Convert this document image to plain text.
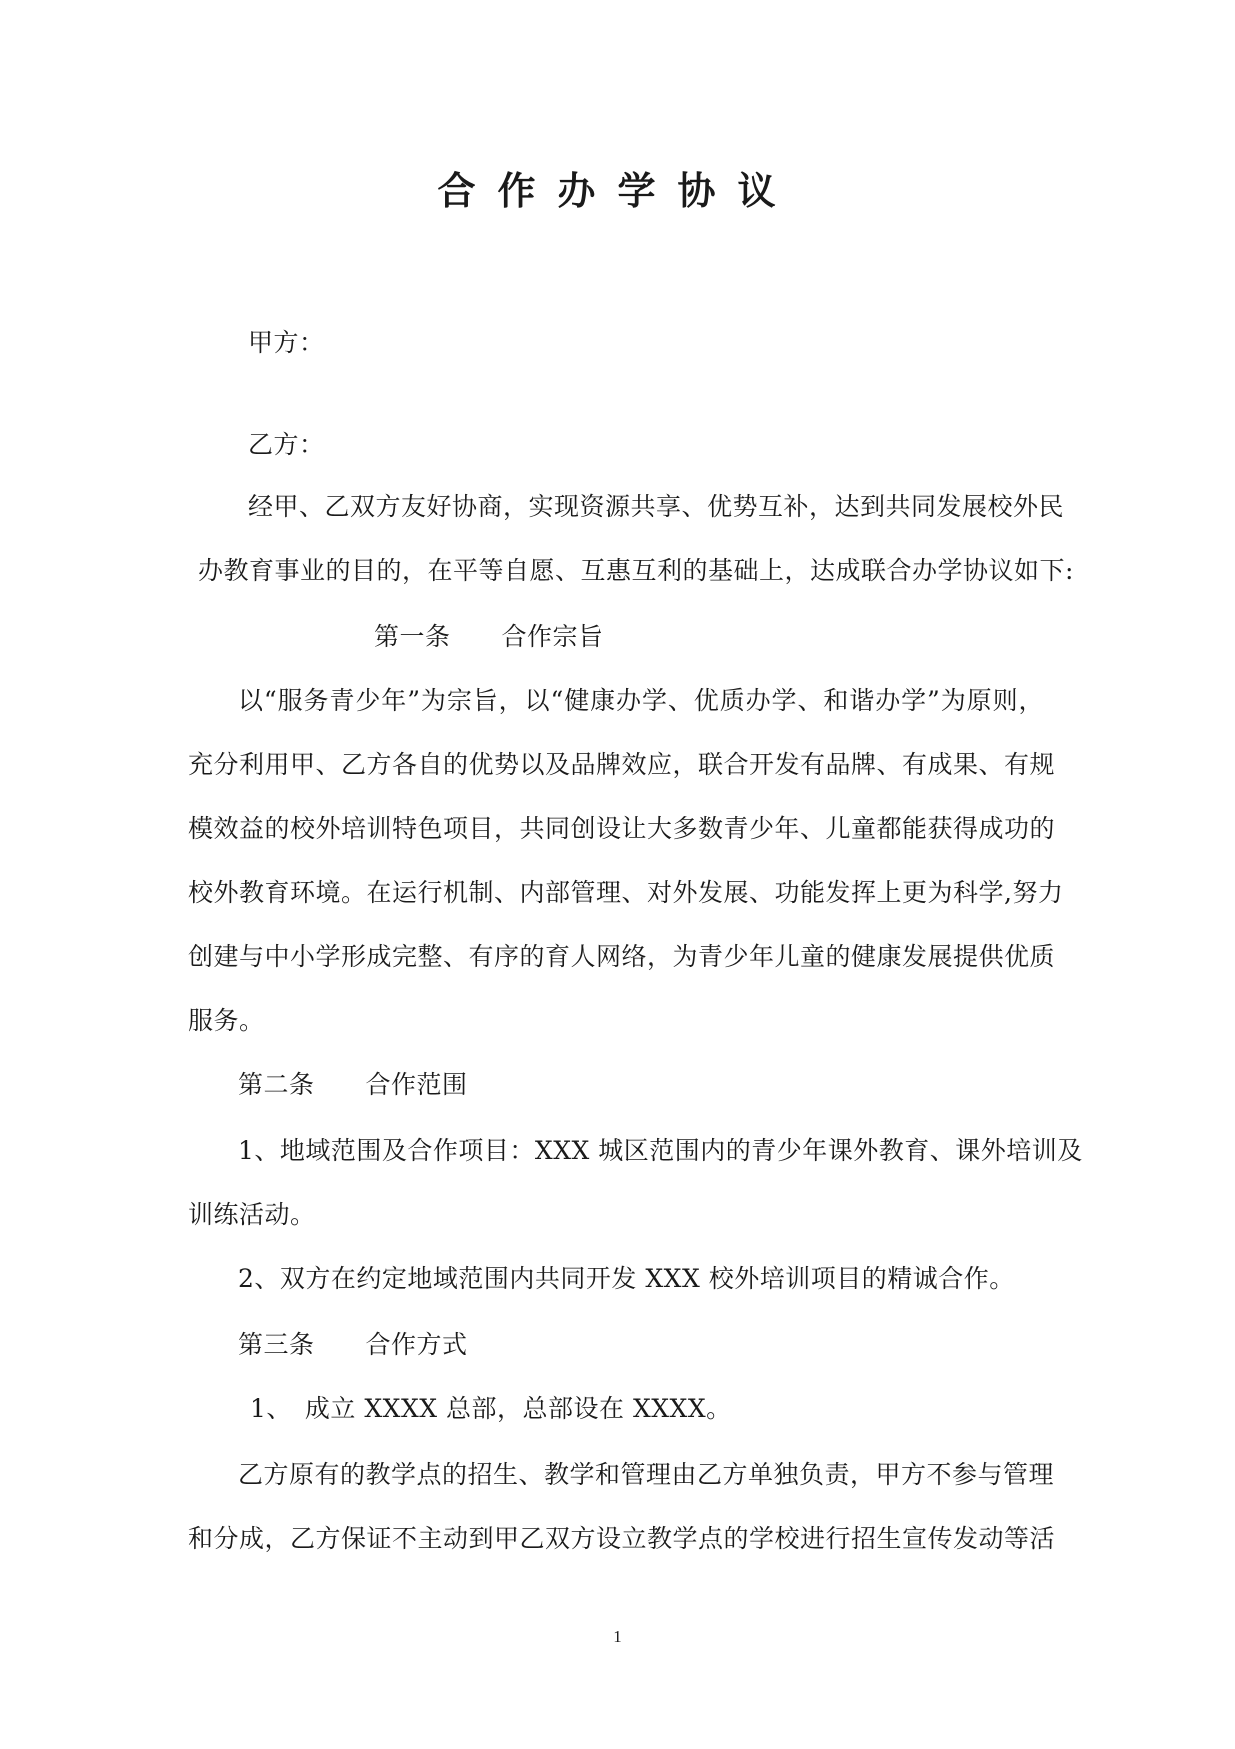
合作办学协议
甲方：
乙方：
经甲、乙双方友好协商，实现资源共享、优势互补，达到共同发展校外民
办教育事业的目的，在平等自愿、互惠互利的基础上，达成联合办学协议如下:
第一条　　合作宗旨
以“服务青少年”为宗旨，以“健康办学、优质办学、和谐办学”为原则，
充分利用甲、乙方各自的优势以及品牌效应，联合开发有品牌、有成果、有规
模效益的校外培训特色项目，共同创设让大多数青少年、儿童都能获得成功的
校外教育环境。在运行机制、内部管理、对外发展、功能发挥上更为科学,努力
创建与中小学形成完整、有序的育人网络，为青少年儿童的健康发展提供优质
服务。
第二条　　合作范围
1、地域范围及合作项目：XXX 城区范围内的青少年课外教育、课外培训及
训练活动。
2、双方在约定地域范围内共同开发 XXX 校外培训项目的精诚合作。
第三条　　合作方式
1、　成立 XXXX 总部，总部设在 XXXX。
乙方原有的教学点的招生、教学和管理由乙方单独负责，甲方不参与管理
和分成，乙方保证不主动到甲乙双方设立教学点的学校进行招生宣传发动等活
1
